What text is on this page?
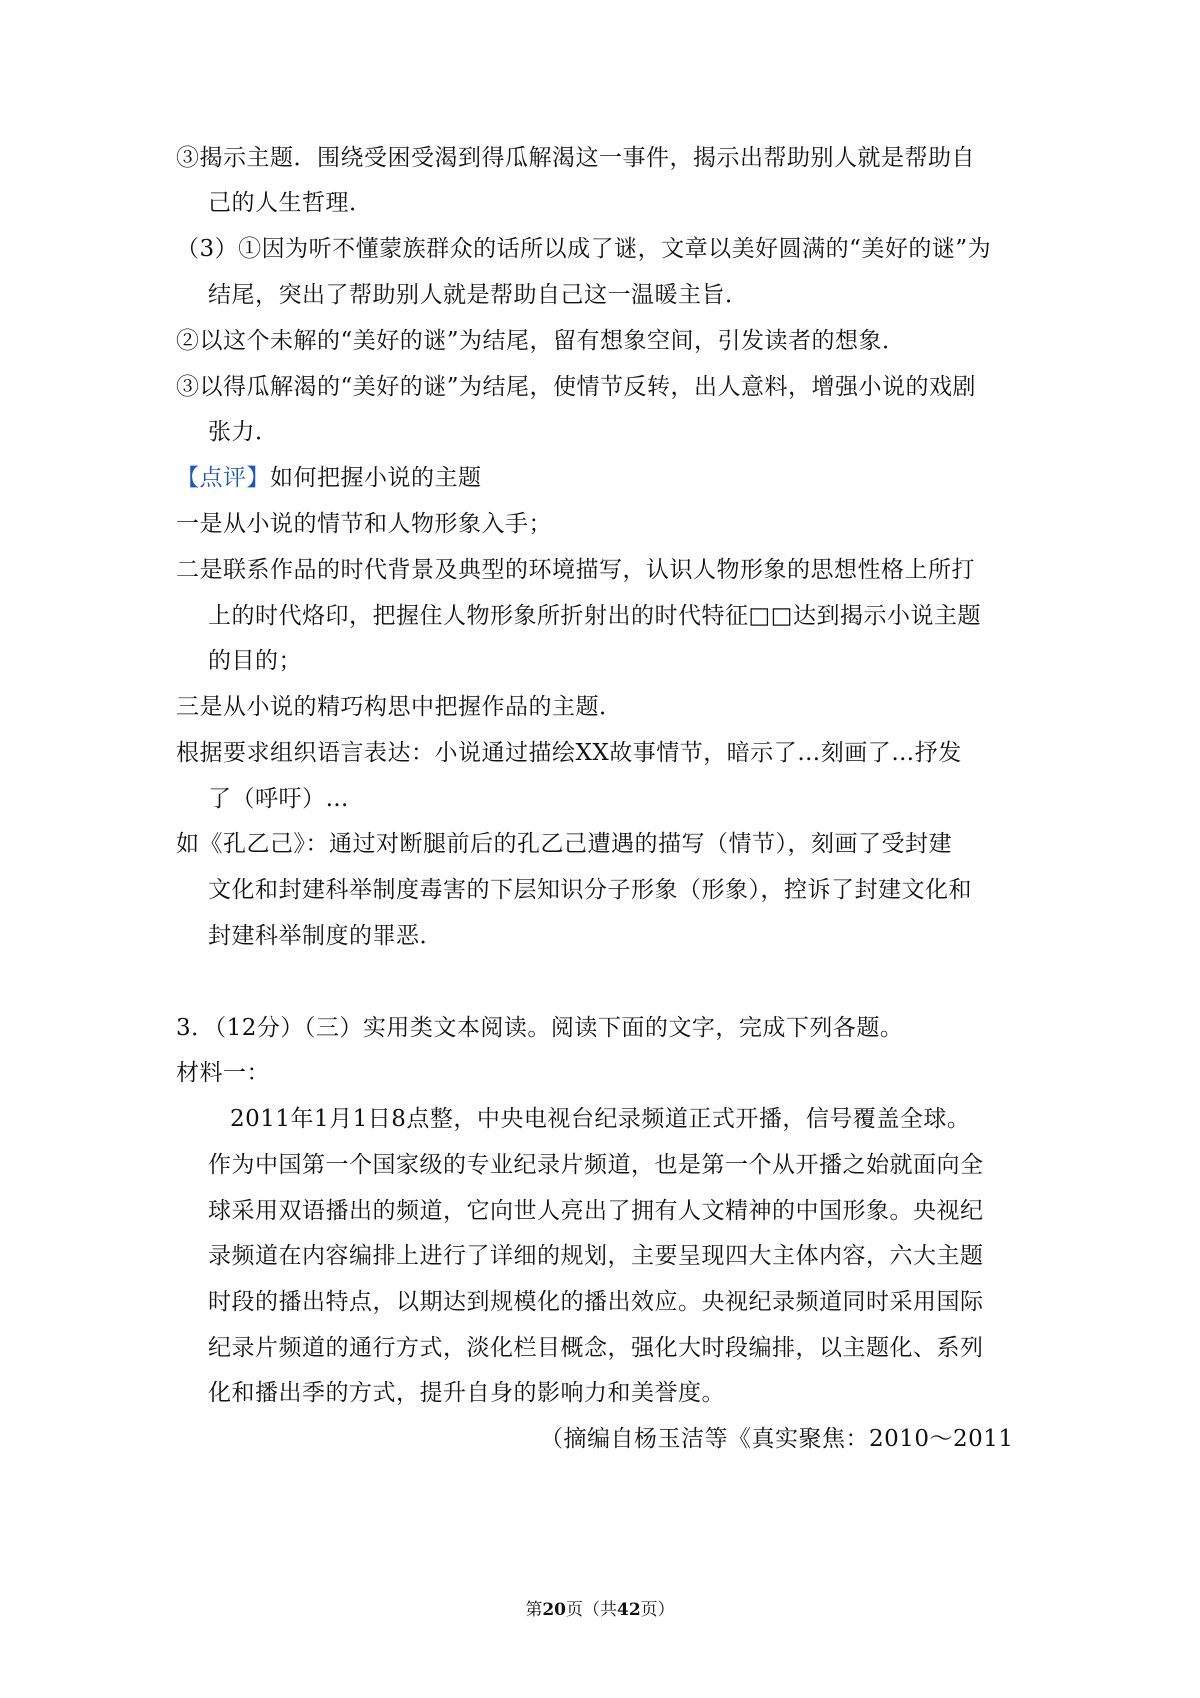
③揭示主题．围绕受困受渴到得瓜解渴这一事件，揭示出帮助别人就是帮助自
己的人生哲理．
（3）①因为听不懂蒙族群众的话所以成了谜，文章以美好圆满的“美好的谜”为
结尾，突出了帮助别人就是帮助自己这一温暖主旨．
②以这个未解的“美好的谜”为结尾，留有想象空间，引发读者的想象．
③以得瓜解渴的“美好的谜”为结尾，使情节反转，出人意料，增强小说的戏剧
张力．
【点评】如何把握小说的主题
一是从小说的情节和人物形象入手；
二是联系作品的时代背景及典型的环境描写，认识人物形象的思想性格上所打
上的时代烙印，把握住人物形象所折射出的时代特征□□达到揭示小说主题
的目的；
三是从小说的精巧构思中把握作品的主题．
根据要求组织语言表达：小说通过描绘XX故事情节，暗示了…刻画了…抒发
了（呼吁）…
如《孔乙己》：通过对断腿前后的孔乙己遭遇的描写（情节），刻画了受封建
文化和封建科举制度毒害的下层知识分子形象（形象），控诉了封建文化和
封建科举制度的罪恶．
3．（12分）（三）实用类文本阅读。阅读下面的文字，完成下列各题。
材料一：
2011年1月1日8点整，中央电视台纪录频道正式开播，信号覆盖全球。
作为中国第一个国家级的专业纪录片频道，也是第一个从开播之始就面向全
球采用双语播出的频道，它向世人亮出了拥有人文精神的中国形象。央视纪
录频道在内容编排上进行了详细的规划，主要呈现四大主体内容，六大主题
时段的播出特点，以期达到规模化的播出效应。央视纪录频道同时采用国际
纪录片频道的通行方式，淡化栏目概念，强化大时段编排，以主题化、系列
化和播出季的方式，提升自身的影响力和美誉度。
（摘编自杨玉洁等《真实聚焦：2010～2011
第20页（共42页）
